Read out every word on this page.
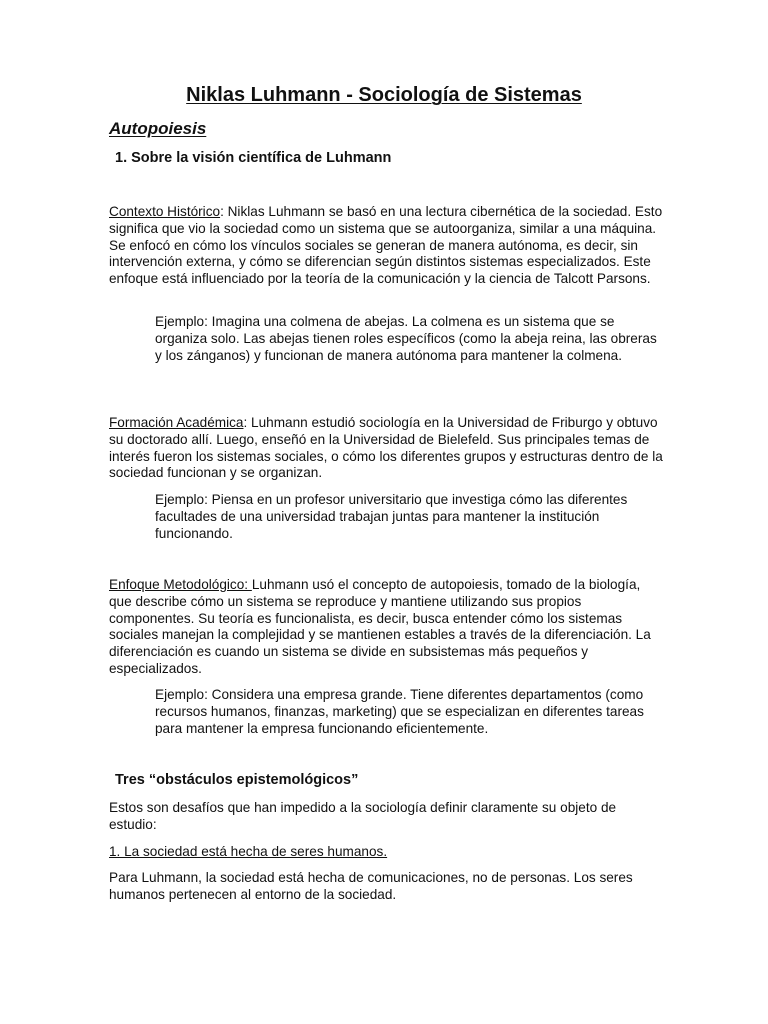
Niklas Luhmann - Sociología de Sistemas
Autopoiesis
1. Sobre la visión científica de Luhmann

Contexto Histórico: Niklas Luhmann se basó en una lectura cibernética de la sociedad. Esto significa que vio la sociedad como un sistema que se autoorganiza, similar a una máquina. Se enfocó en cómo los vínculos sociales se generan de manera autónoma, es decir, sin intervención externa, y cómo se diferencian según distintos sistemas especializados. Este enfoque está influenciado por la teoría de la comunicación y la ciencia de Talcott Parsons.

Ejemplo: Imagina una colmena de abejas. La colmena es un sistema que se organiza solo. Las abejas tienen roles específicos (como la abeja reina, las obreras y los zánganos) y funcionan de manera autónoma para mantener la colmena.

Formación Académica: Luhmann estudió sociología en la Universidad de Friburgo y obtuvo su doctorado allí. Luego, enseñó en la Universidad de Bielefeld. Sus principales temas de interés fueron los sistemas sociales, o cómo los diferentes grupos y estructuras dentro de la sociedad funcionan y se organizan.

Ejemplo: Piensa en un profesor universitario que investiga cómo las diferentes facultades de una universidad trabajan juntas para mantener la institución funcionando.

Enfoque Metodológico: Luhmann usó el concepto de autopoiesis, tomado de la biología, que describe cómo un sistema se reproduce y mantiene utilizando sus propios componentes. Su teoría es funcionalista, es decir, busca entender cómo los sistemas sociales manejan la complejidad y se mantienen estables a través de la diferenciación. La diferenciación es cuando un sistema se divide en subsistemas más pequeños y especializados.

Ejemplo: Considera una empresa grande. Tiene diferentes departamentos (como recursos humanos, finanzas, marketing) que se especializan en diferentes tareas para mantener la empresa funcionando eficientemente.

Tres “obstáculos epistemológicos”

Estos son desafíos que han impedido a la sociología definir claramente su objeto de estudio:

1. La sociedad está hecha de seres humanos.

Para Luhmann, la sociedad está hecha de comunicaciones, no de personas. Los seres humanos pertenecen al entorno de la sociedad.
